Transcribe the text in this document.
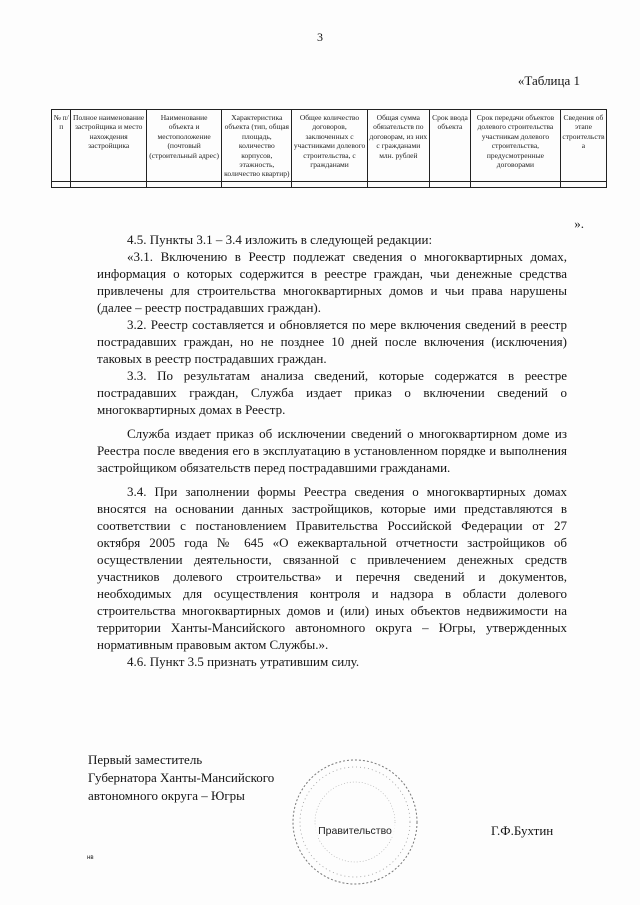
3
«Таблица 1
№ п/ п	Полное наименование застройщика и место нахождения застройщика	Наименование объекта и местоположение (почтовый (строительный адрес)	Характеристика объекта (тип, общая площадь, количество корпусов, этажность, количество квартир)	Общее количество договоров, заключенных с участниками долевого строительства, с гражданами	Общая сумма обязательств по договорам, из них с гражданами млн. рублей	Срок ввода объекта	Срок передачи объектов долевого строительства участникам долевого строительства, предусмотренные договорами	Сведения об этапе строительства

».

4.5. Пункты 3.1 – 3.4 изложить в следующей редакции:

«3.1. Включению в Реестр подлежат сведения о многоквартирных домах, информация о которых содержится в реестре граждан, чьи денежные средства привлечены для строительства многоквартирных домов и чьи права нарушены (далее – реестр пострадавших граждан).

3.2. Реестр составляется и обновляется по мере включения сведений в реестр пострадавших граждан, но не позднее 10 дней после включения (исключения) таковых в реестр пострадавших граждан.

3.3. По результатам анализа сведений, которые содержатся в реестре пострадавших граждан, Служба издает приказ о включении сведений о многоквартирных домах в Реестр.

Служба издает приказ об исключении сведений о многоквартирном доме из Реестра после введения его в эксплуатацию в установленном порядке и выполнения застройщиком обязательств перед пострадавшими гражданами.

3.4. При заполнении формы Реестра сведения о многоквартирных домах вносятся на основании данных застройщиков, которые ими представляются в соответствии с постановлением Правительства Российской Федерации от 27 октября 2005 года № 645 «О ежеквартальной отчетности застройщиков об осуществлении деятельности, связанной с привлечением денежных средств участников долевого строительства» и перечня сведений и документов, необходимых для осуществления контроля и надзора в области долевого строительства многоквартирных домов и (или) иных объектов недвижимости на территории Ханты-Мансийского автономного округа – Югры, утвержденных нормативным правовым актом Службы.».

4.6. Пункт 3.5 признать утратившим силу.

Первый заместитель
Губернатора Ханты-Мансийского
автономного округа – Югры
Правительство	Г.Ф.Бухтин
нв
